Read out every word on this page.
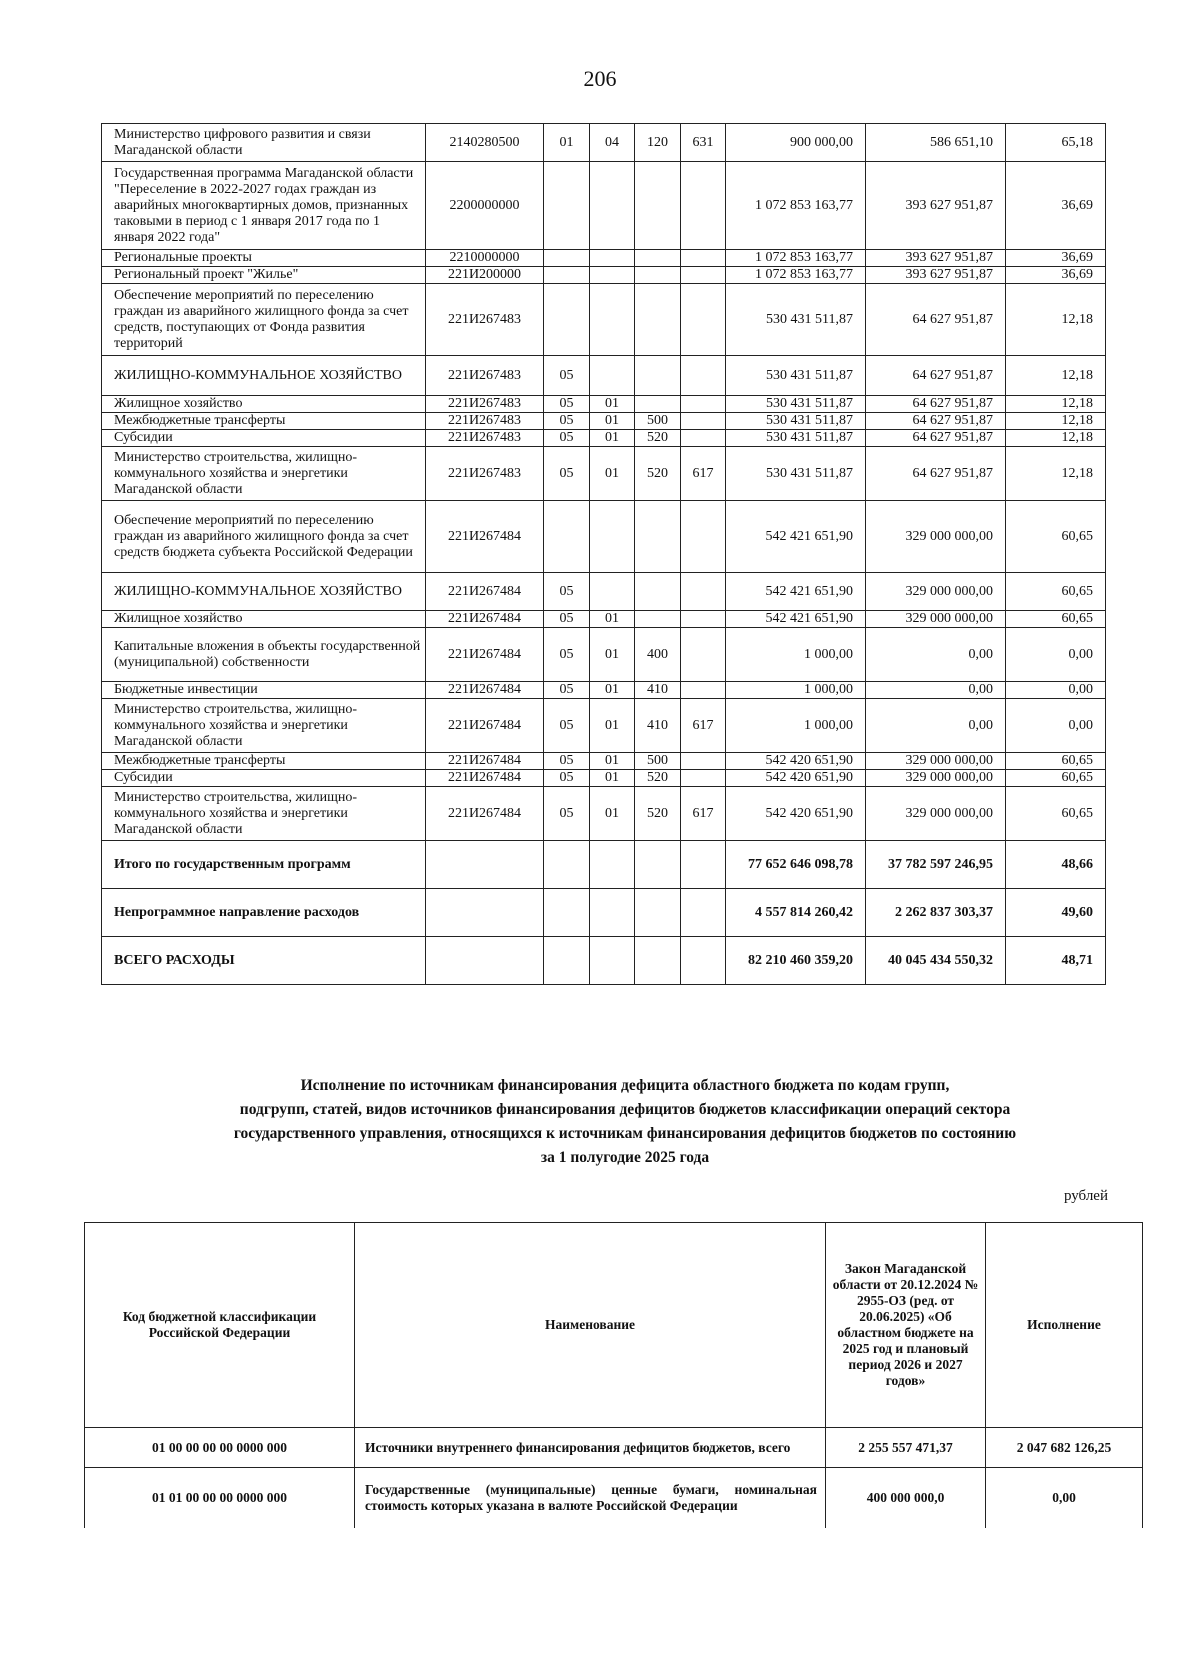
206
Министерство цифрового развития и связи Магаданской области	2140280500	01	04	120	631	900 000,00	586 651,10	65,18
Государственная программа Магаданской области "Переселение в 2022-2027 годах граждан из аварийных многоквартирных домов, признанных таковыми в период с 1 января 2017 года по 1 января 2022 года"	2200000000					1 072 853 163,77	393 627 951,87	36,69
Региональные проекты	2210000000					1 072 853 163,77	393 627 951,87	36,69
Региональный проект "Жилье"	221И200000					1 072 853 163,77	393 627 951,87	36,69
Обеспечение мероприятий по переселению граждан из аварийного жилищного фонда за счет средств, поступающих от Фонда развития территорий	221И267483					530 431 511,87	64 627 951,87	12,18
ЖИЛИЩНО-КОММУНАЛЬНОЕ ХОЗЯЙСТВО	221И267483	05				530 431 511,87	64 627 951,87	12,18
Жилищное хозяйство	221И267483	05	01			530 431 511,87	64 627 951,87	12,18
Межбюджетные трансферты	221И267483	05	01	500		530 431 511,87	64 627 951,87	12,18
Субсидии	221И267483	05	01	520		530 431 511,87	64 627 951,87	12,18
Министерство строительства, жилищно-коммунального хозяйства и энергетики Магаданской области	221И267483	05	01	520	617	530 431 511,87	64 627 951,87	12,18
Обеспечение мероприятий по переселению граждан из аварийного жилищного фонда за счет средств бюджета субъекта Российской Федерации	221И267484					542 421 651,90	329 000 000,00	60,65
ЖИЛИЩНО-КОММУНАЛЬНОЕ ХОЗЯЙСТВО	221И267484	05				542 421 651,90	329 000 000,00	60,65
Жилищное хозяйство	221И267484	05	01			542 421 651,90	329 000 000,00	60,65
Капитальные вложения в объекты государственной (муниципальной) собственности	221И267484	05	01	400		1 000,00	0,00	0,00
Бюджетные инвестиции	221И267484	05	01	410		1 000,00	0,00	0,00
Министерство строительства, жилищно-коммунального хозяйства и энергетики Магаданской области	221И267484	05	01	410	617	1 000,00	0,00	0,00
Межбюджетные трансферты	221И267484	05	01	500		542 420 651,90	329 000 000,00	60,65
Субсидии	221И267484	05	01	520		542 420 651,90	329 000 000,00	60,65
Министерство строительства, жилищно-коммунального хозяйства и энергетики Магаданской области	221И267484	05	01	520	617	542 420 651,90	329 000 000,00	60,65
Итого по государственным программ						77 652 646 098,78	37 782 597 246,95	48,66
Непрограммное направление расходов						4 557 814 260,42	2 262 837 303,37	49,60
ВСЕГО РАСХОДЫ						82 210 460 359,20	40 045 434 550,32	48,71
Исполнение по источникам финансирования дефицита областного бюджета по кодам групп,
подгрупп, статей, видов источников финансирования дефицитов бюджетов классификации операций сектора
государственного управления, относящихся к источникам финансирования дефицитов бюджетов по состоянию
за 1 полугодие 2025 года
рублей
Код бюджетной классификации Российской Федерации	Наименование	Закон Магаданской области от 20.12.2024 № 2955-ОЗ (ред. от 20.06.2025) «Об областном бюджете на 2025 год и плановый период 2026 и 2027 годов»	Исполнение
01 00 00 00 00 0000 000	Источники внутреннего финансирования дефицитов бюджетов, всего	2 255 557 471,37	2 047 682 126,25
01 01 00 00 00 0000 000	Государственные (муниципальные) ценные бумаги, номинальная стоимость которых указана в валюте Российской Федерации	400 000 000,0	0,00
